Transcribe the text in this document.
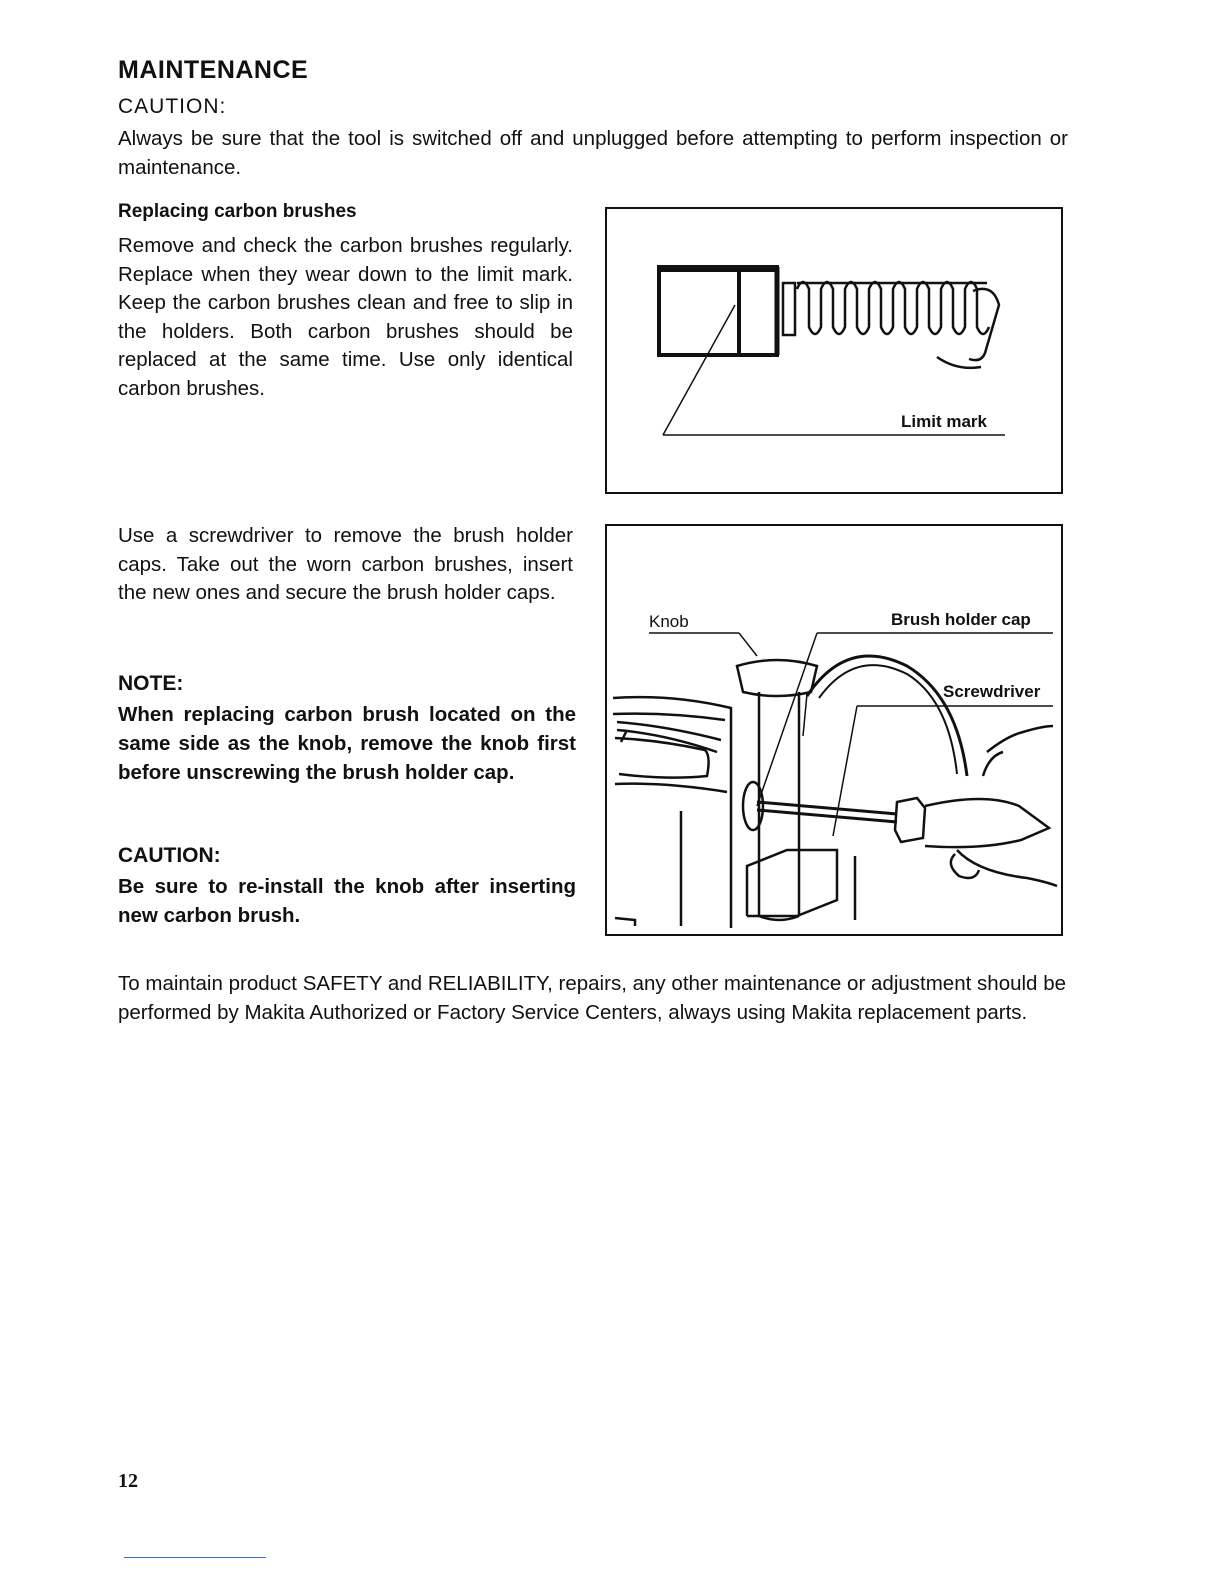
MAINTENANCE
CAUTION:
Always be sure that the tool is switched off and unplugged before attempting to perform inspection or maintenance.
Replacing carbon brushes
Remove and check the carbon brushes regularly. Replace when they wear down to the limit mark. Keep the carbon brushes clean and free to slip in the holders. Both carbon brushes should be replaced at the same time. Use only identical carbon brushes.
Limit mark
Use a screwdriver to remove the brush holder caps. Take out the worn carbon brushes, insert the new ones and secure the brush holder caps.
NOTE:
When replacing carbon brush located on the same side as the knob, remove the knob first before unscrewing the brush holder cap.
CAUTION:
Be sure to re-install the knob after inserting new carbon brush.
Knob	Brush holder cap
Screwdriver
To maintain product SAFETY and RELIABILITY, repairs, any other maintenance or adjustment should be performed by Makita Authorized or Factory Service Centers, always using Makita replacement parts.
12
